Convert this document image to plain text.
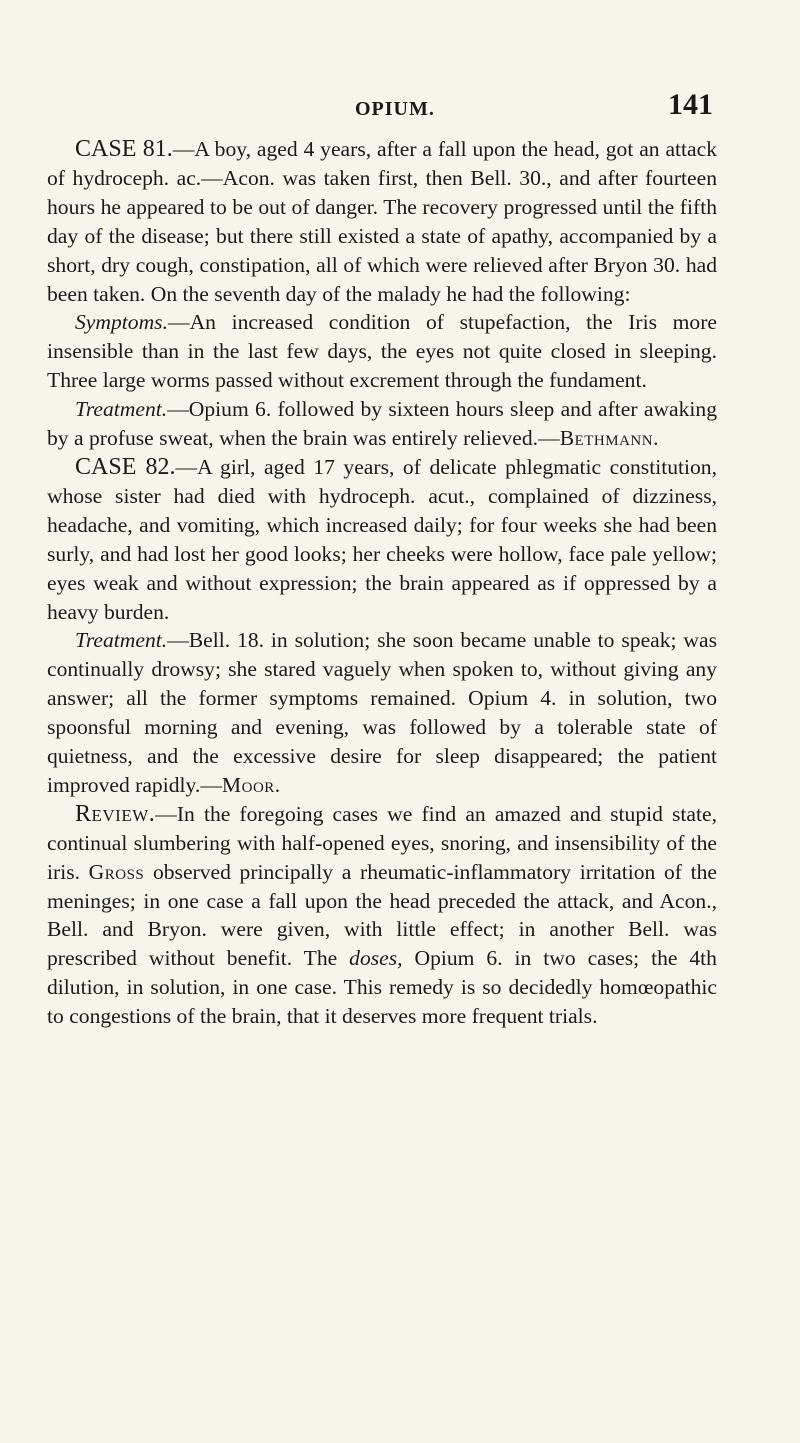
OPIUM.	141

CASE 81.—A boy, aged 4 years, after a fall upon the head, got an attack of hydroceph. ac.—Acon. was taken first, then Bell. 30., and after fourteen hours he appeared to be out of danger. The recovery progressed until the fifth day of the disease; but there still existed a state of apathy, accompanied by a short, dry cough, constipation, all of which were relieved after Bryon 30. had been taken. On the seventh day of the malady he had the following:

Symptoms.—An increased condition of stupefaction, the Iris more insensible than in the last few days, the eyes not quite closed in sleeping. Three large worms passed without excrement through the fundament.

Treatment.—Opium 6. followed by sixteen hours sleep and after awaking by a profuse sweat, when the brain was entirely relieved.—Bethmann.

CASE 82.—A girl, aged 17 years, of delicate phlegmatic constitution, whose sister had died with hydroceph. acut., complained of dizziness, headache, and vomiting, which increased daily; for four weeks she had been surly, and had lost her good looks; her cheeks were hollow, face pale yellow; eyes weak and without expression; the brain appeared as if oppressed by a heavy burden.

Treatment.—Bell. 18. in solution; she soon became unable to speak; was continually drowsy; she stared vaguely when spoken to, without giving any answer; all the former symptoms remained. Opium 4. in solution, two spoonsful morning and evening, was followed by a tolerable state of quietness, and the excessive desire for sleep disappeared; the patient improved rapidly.—Moor.

Review.—In the foregoing cases we find an amazed and stupid state, continual slumbering with half-opened eyes, snoring, and insensibility of the iris. Gross observed principally a rheumatic-inflammatory irritation of the meninges; in one case a fall upon the head preceded the attack, and Acon., Bell. and Bryon. were given, with little effect; in another Bell. was prescribed without benefit. The doses, Opium 6. in two cases; the 4th dilution, in solution, in one case. This remedy is so decidedly homœopathic to congestions of the brain, that it deserves more frequent trials.
